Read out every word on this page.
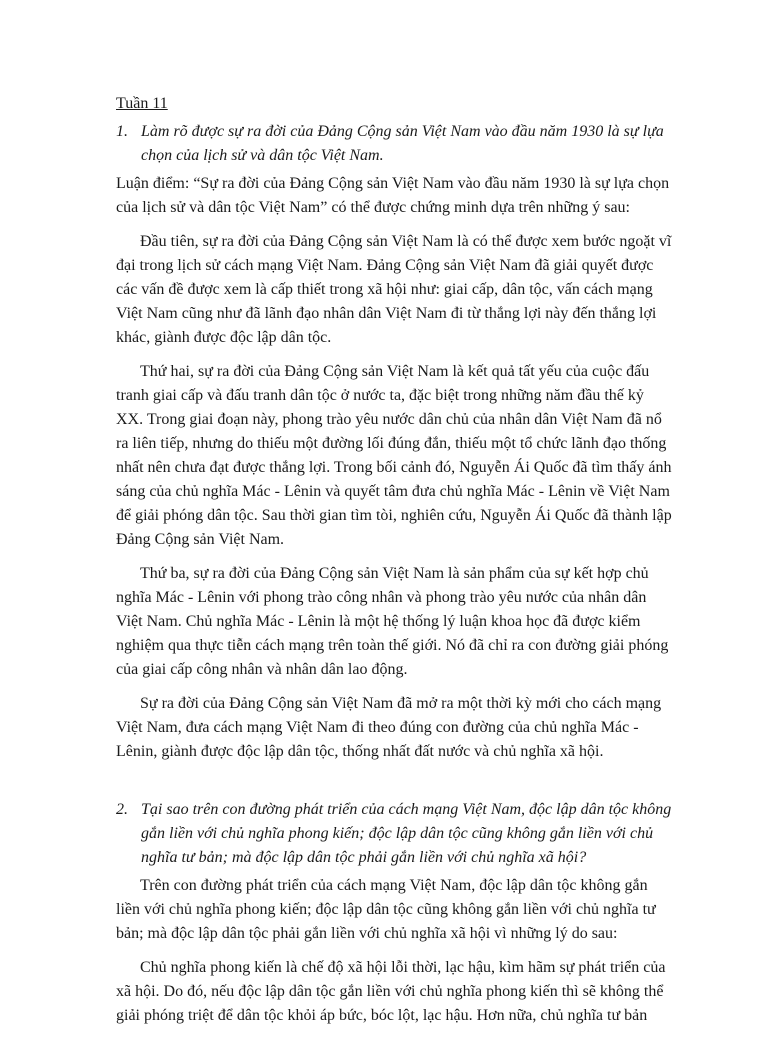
Tuần 11
1. Làm rõ được sự ra đời của Đảng Cộng sản Việt Nam vào đầu năm 1930 là sự lựa chọn của lịch sử và dân tộc Việt Nam.

Luận điểm: “Sự ra đời của Đảng Cộng sản Việt Nam vào đầu năm 1930 là sự lựa chọn của lịch sử và dân tộc Việt Nam” có thể được chứng minh dựa trên những ý sau:

Đầu tiên, sự ra đời của Đảng Cộng sản Việt Nam là có thể được xem bước ngoặt vĩ đại trong lịch sử cách mạng Việt Nam. Đảng Cộng sản Việt Nam đã giải quyết được các vấn đề được xem là cấp thiết trong xã hội như: giai cấp, dân tộc, vấn cách mạng Việt Nam cũng như đã lãnh đạo nhân dân Việt Nam đi từ thắng lợi này đến thắng lợi khác, giành được độc lập dân tộc.

Thứ hai, sự ra đời của Đảng Cộng sản Việt Nam là kết quả tất yếu của cuộc đấu tranh giai cấp và đấu tranh dân tộc ở nước ta, đặc biệt trong những năm đầu thế kỷ XX. Trong giai đoạn này, phong trào yêu nước dân chủ của nhân dân Việt Nam đã nổ ra liên tiếp, nhưng do thiếu một đường lối đúng đắn, thiếu một tổ chức lãnh đạo thống nhất nên chưa đạt được thắng lợi. Trong bối cảnh đó, Nguyễn Ái Quốc đã tìm thấy ánh sáng của chủ nghĩa Mác - Lênin và quyết tâm đưa chủ nghĩa Mác - Lênin về Việt Nam để giải phóng dân tộc. Sau thời gian tìm tòi, nghiên cứu, Nguyễn Ái Quốc đã thành lập Đảng Cộng sản Việt Nam.

Thứ ba, sự ra đời của Đảng Cộng sản Việt Nam là sản phẩm của sự kết hợp chủ nghĩa Mác - Lênin với phong trào công nhân và phong trào yêu nước của nhân dân Việt Nam. Chủ nghĩa Mác - Lênin là một hệ thống lý luận khoa học đã được kiểm nghiệm qua thực tiễn cách mạng trên toàn thế giới. Nó đã chỉ ra con đường giải phóng của giai cấp công nhân và nhân dân lao động.

Sự ra đời của Đảng Cộng sản Việt Nam đã mở ra một thời kỳ mới cho cách mạng Việt Nam, đưa cách mạng Việt Nam đi theo đúng con đường của chủ nghĩa Mác - Lênin, giành được độc lập dân tộc, thống nhất đất nước và chủ nghĩa xã hội.

2. Tại sao trên con đường phát triển của cách mạng Việt Nam, độc lập dân tộc không gắn liền với chủ nghĩa phong kiến; độc lập dân tộc cũng không gắn liền với chủ nghĩa tư bản; mà độc lập dân tộc phải gắn liền với chủ nghĩa xã hội?

Trên con đường phát triển của cách mạng Việt Nam, độc lập dân tộc không gắn liền với chủ nghĩa phong kiến; độc lập dân tộc cũng không gắn liền với chủ nghĩa tư bản; mà độc lập dân tộc phải gắn liền với chủ nghĩa xã hội vì những lý do sau:

Chủ nghĩa phong kiến là chế độ xã hội lỗi thời, lạc hậu, kìm hãm sự phát triển của xã hội. Do đó, nếu độc lập dân tộc gắn liền với chủ nghĩa phong kiến thì sẽ không thể giải phóng triệt để dân tộc khỏi áp bức, bóc lột, lạc hậu. Hơn nữa, chủ nghĩa tư bản
